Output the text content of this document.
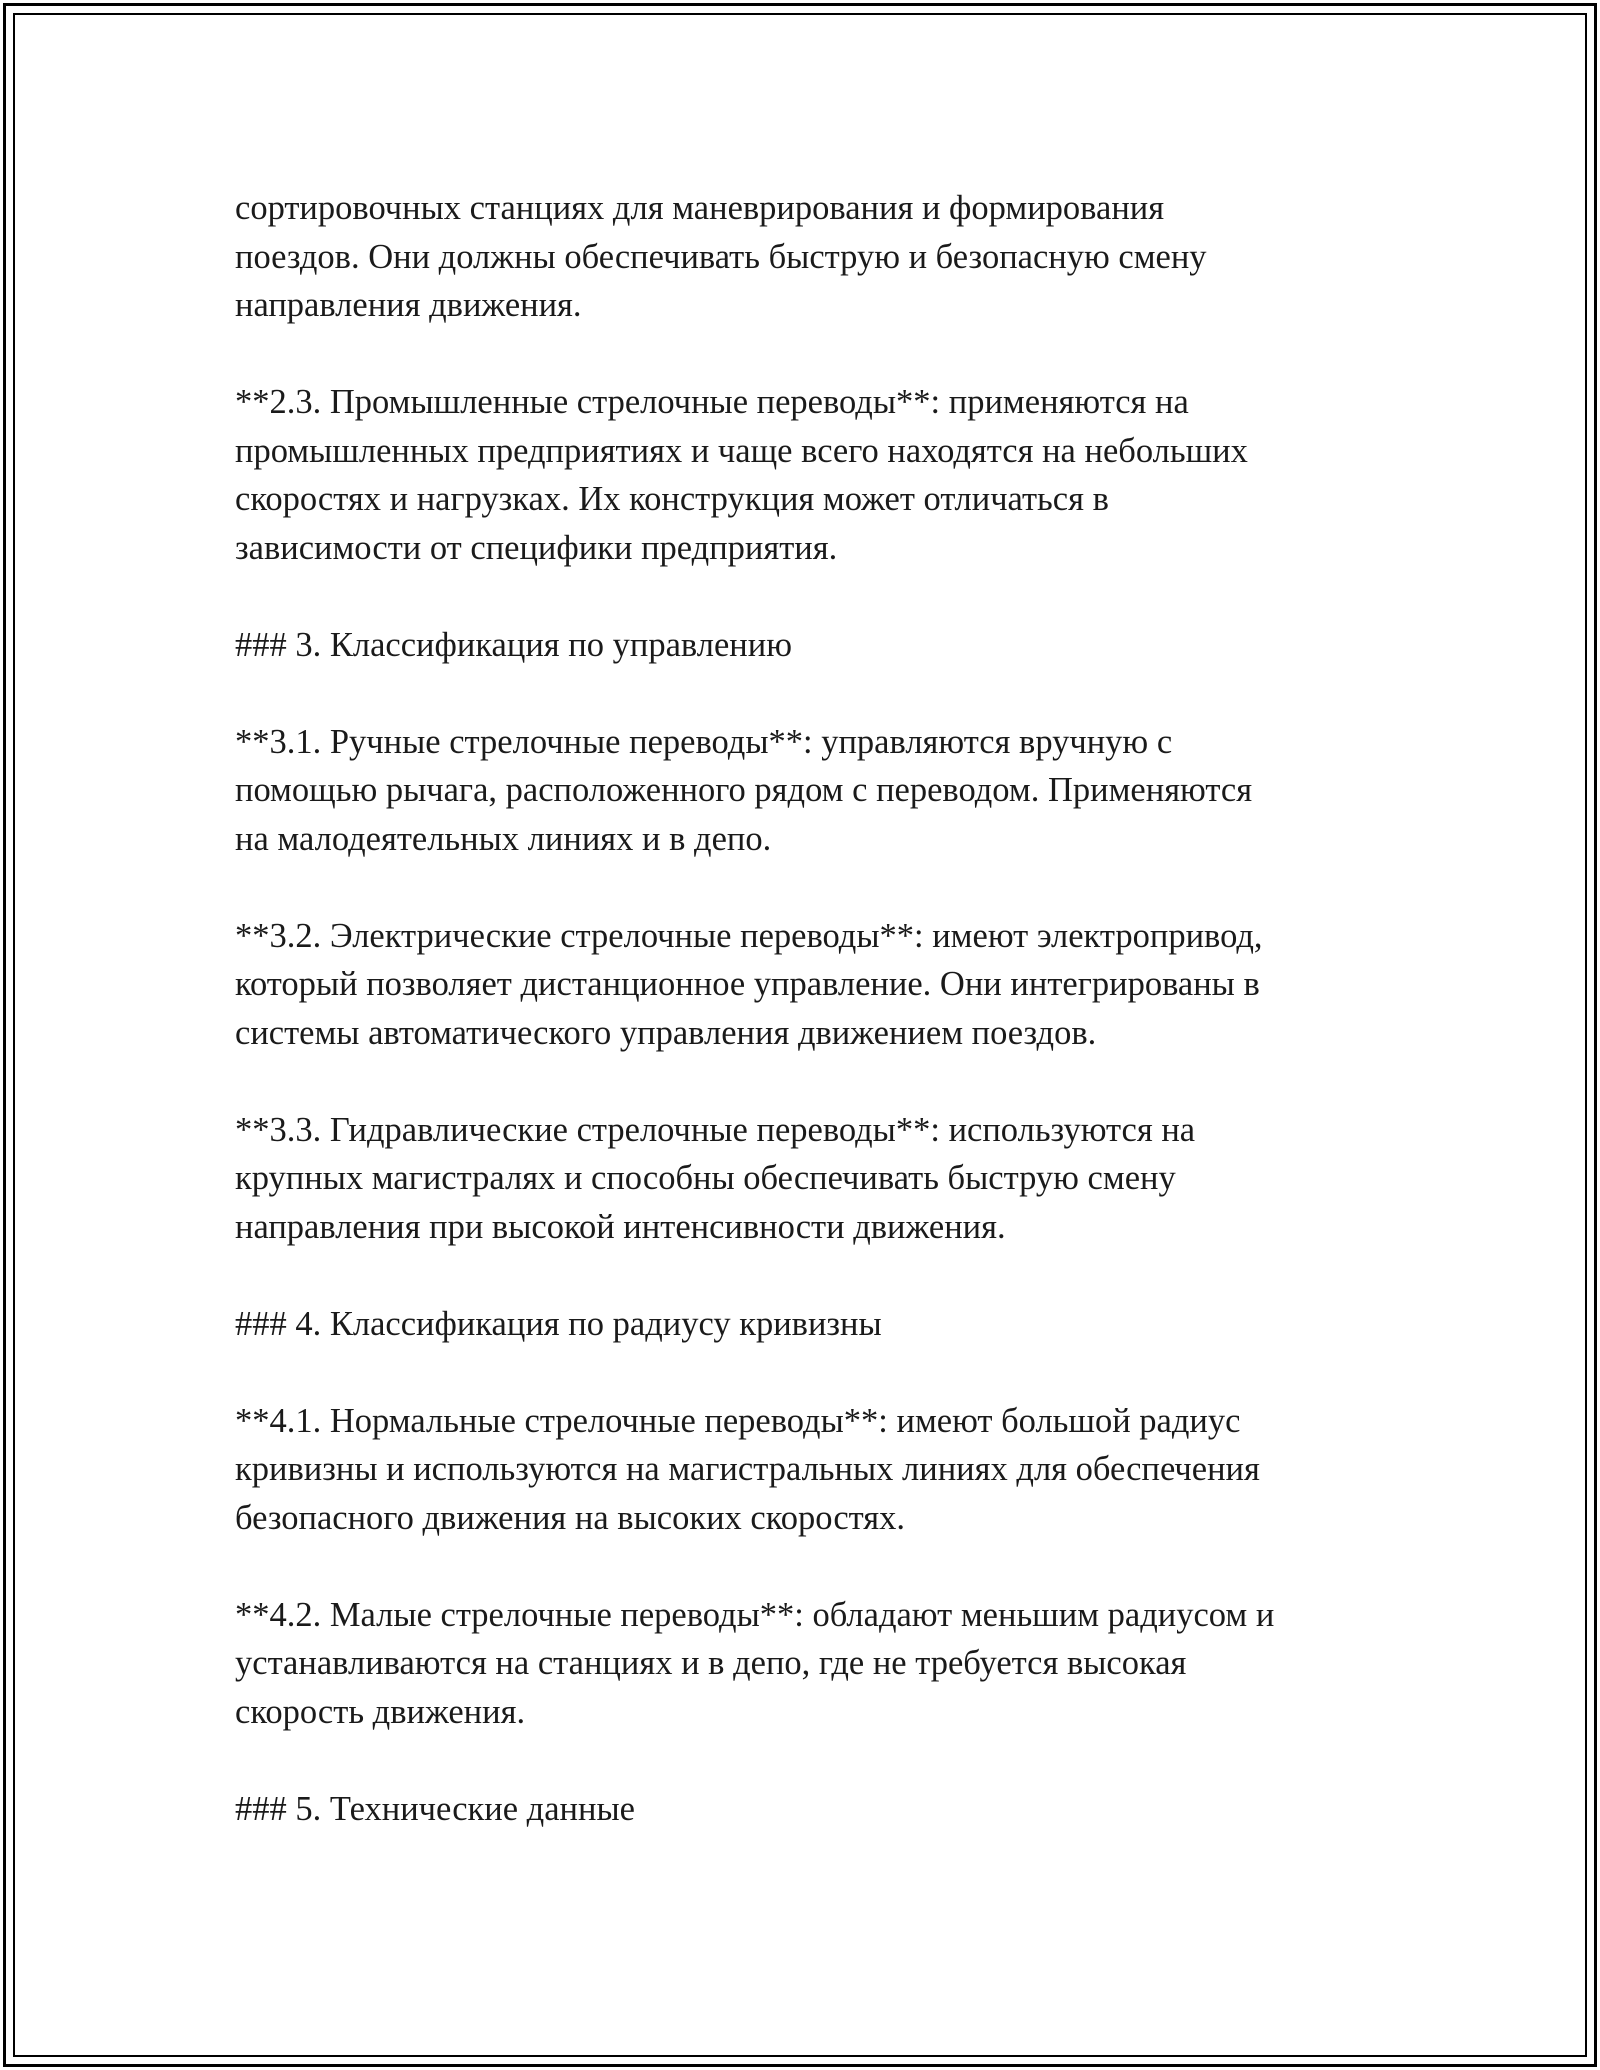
сортировочных станциях для маневрирования и формирования
поездов. Они должны обеспечивать быструю и безопасную смену
направления движения.

**2.3. Промышленные стрелочные переводы**: применяются на
промышленных предприятиях и чаще всего находятся на небольших
скоростях и нагрузках. Их конструкция может отличаться в
зависимости от специфики предприятия.

### 3. Классификация по управлению

**3.1. Ручные стрелочные переводы**: управляются вручную с
помощью рычага, расположенного рядом с переводом. Применяются
на малодеятельных линиях и в депо.

**3.2. Электрические стрелочные переводы**: имеют электропривод,
который позволяет дистанционное управление. Они интегрированы в
системы автоматического управления движением поездов.

**3.3. Гидравлические стрелочные переводы**: используются на
крупных магистралях и способны обеспечивать быструю смену
направления при высокой интенсивности движения.

### 4. Классификация по радиусу кривизны

**4.1. Нормальные стрелочные переводы**: имеют большой радиус
кривизны и используются на магистральных линиях для обеспечения
безопасного движения на высоких скоростях.

**4.2. Малые стрелочные переводы**: обладают меньшим радиусом и
устанавливаются на станциях и в депо, где не требуется высокая
скорость движения.

### 5. Технические данные
